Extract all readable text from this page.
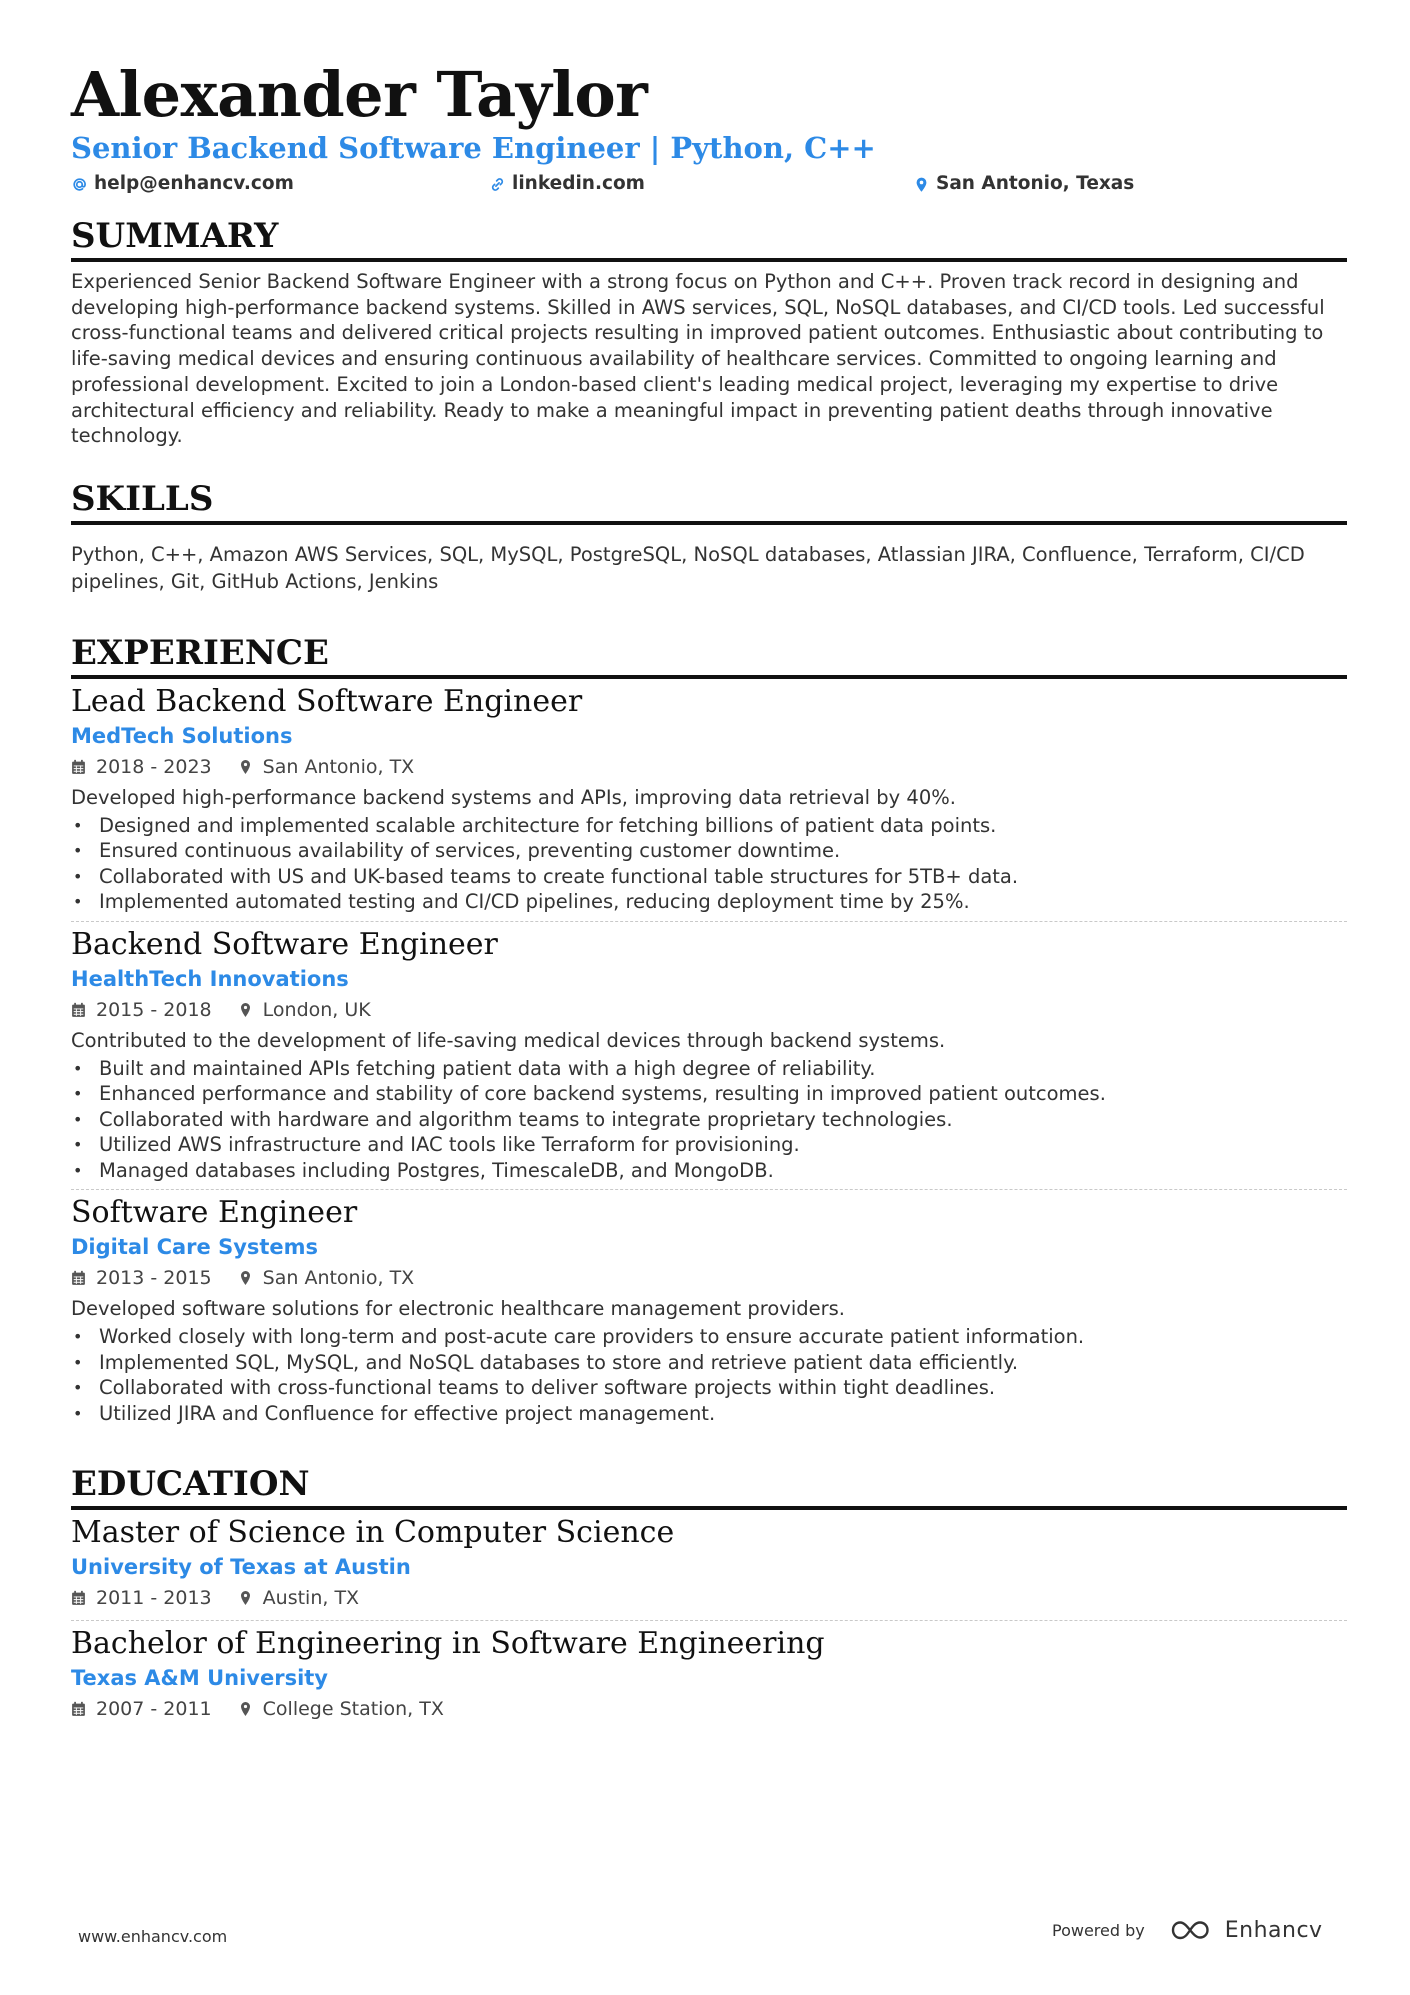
Alexander Taylor
Senior Backend Software Engineer | Python, C++
help@enhancv.com	linkedin.com	San Antonio, Texas
SUMMARY

Experienced Senior Backend Software Engineer with a strong focus on Python and C++. Proven track record in designing and developing high-performance backend systems. Skilled in AWS services, SQL, NoSQL databases, and CI/CD tools. Led successful cross-functional teams and delivered critical projects resulting in improved patient outcomes. Enthusiastic about contributing to life-saving medical devices and ensuring continuous availability of healthcare services. Committed to ongoing learning and professional development. Excited to join a London-based client's leading medical project, leveraging my expertise to drive architectural efficiency and reliability. Ready to make a meaningful impact in preventing patient deaths through innovative technology.

SKILLS

Python, C++, Amazon AWS Services, SQL, MySQL, PostgreSQL, NoSQL databases, Atlassian JIRA, Confluence, Terraform, CI/CD pipelines, Git, GitHub Actions, Jenkins

EXPERIENCE
Lead Backend Software Engineer
MedTech Solutions
2018 - 2023	San Antonio, TX

Developed high-performance backend systems and APIs, improving data retrieval by 40%.

• Designed and implemented scalable architecture for fetching billions of patient data points.
• Ensured continuous availability of services, preventing customer downtime.
• Collaborated with US and UK-based teams to create functional table structures for 5TB+ data.
• Implemented automated testing and CI/CD pipelines, reducing deployment time by 25%.
Backend Software Engineer
HealthTech Innovations
2015 - 2018	London, UK

Contributed to the development of life-saving medical devices through backend systems.

• Built and maintained APIs fetching patient data with a high degree of reliability.
• Enhanced performance and stability of core backend systems, resulting in improved patient outcomes.
• Collaborated with hardware and algorithm teams to integrate proprietary technologies.
• Utilized AWS infrastructure and IAC tools like Terraform for provisioning.
• Managed databases including Postgres, TimescaleDB, and MongoDB.
Software Engineer
Digital Care Systems
2013 - 2015	San Antonio, TX

Developed software solutions for electronic healthcare management providers.

• Worked closely with long-term and post-acute care providers to ensure accurate patient information.
• Implemented SQL, MySQL, and NoSQL databases to store and retrieve patient data efficiently.
• Collaborated with cross-functional teams to deliver software projects within tight deadlines.
• Utilized JIRA and Confluence for effective project management.
EDUCATION
Master of Science in Computer Science
University of Texas at Austin
2011 - 2013	Austin, TX
Bachelor of Engineering in Software Engineering
Texas A&M University
2007 - 2011	College Station, TX
www.enhancv.com	Powered by	Enhancv
